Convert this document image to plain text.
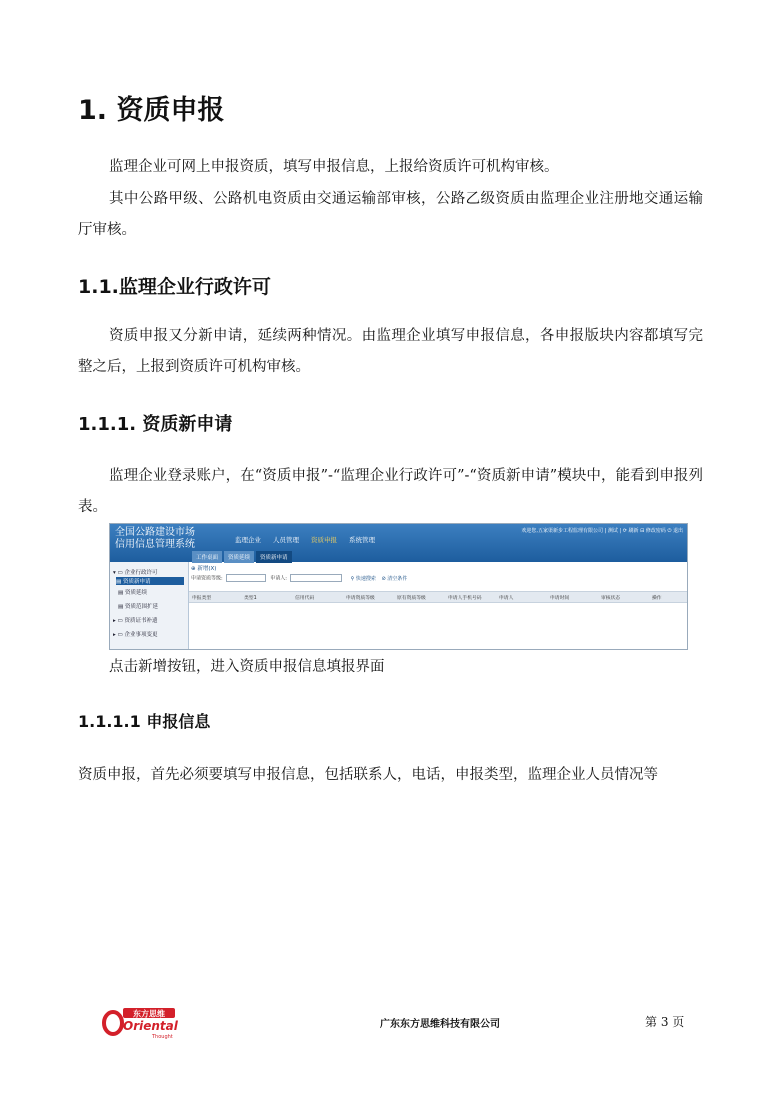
1. 资质申报
监理企业可网上申报资质，填写申报信息，上报给资质许可机构审核。
其中公路甲级、公路机电资质由交通运输部审核，公路乙级资质由监理企业注册地交通运输厅审核。
1.1.监理企业行政许可
资质申报又分新申请，延续两种情况。由监理企业填写申报信息，各申报版块内容都填写完整之后，上报到资质许可机构审核。
1.1.1. 资质新申请
监理企业登录账户，在“资质申报”-“监理企业行政许可”-“资质新申请”模块中，能看到申报列表。
全国公路建设市场
信用信息管理系统	监理企业 人员管理 资质申报 系统管理
欢迎您,五家渠新步工程监理有限公司 | 测试 | ⟳ 刷新 ⊟ 修改密码 ⏻ 退出
工作桌面	资质延续	资质新申请
▾ ▭ 企业行政许可
▤ 资质新申请
▤ 资质延续
▤ 资质范围扩延
▸ ▭ 资质证书补遗
▸ ▭ 企业事项变更
⊕ 新增(X)
申请资质等级:	申请人:	⚲ 快速搜索 ⊘ 清空条件
申报类型	类型1	信用代码	申请资质等级	原有资质等级	申请人手机号码	申请人	申请时间	审核状态	操作
点击新增按钮，进入资质申报信息填报界面
1.1.1.1 申报信息
资质申报，首先必须要填写申报信息，包括联系人，电话，申报类型，监理企业人员情况等
东方思维
Oriental
Thought
广东东方思维科技有限公司	第 3 页
